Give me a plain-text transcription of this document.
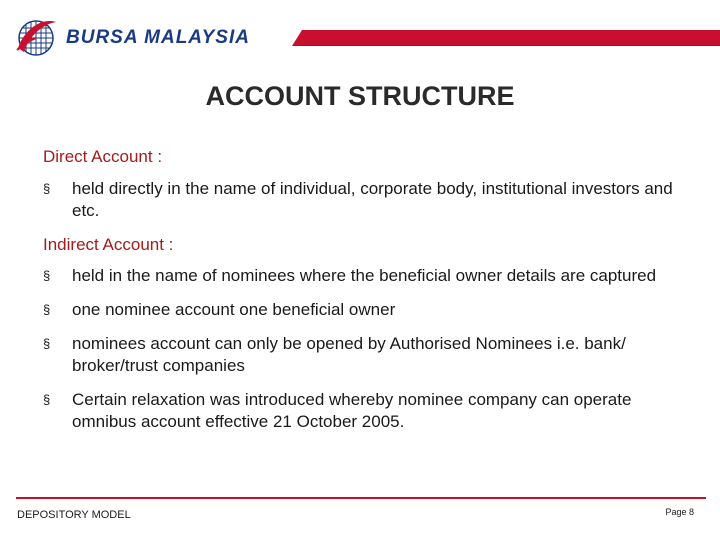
BURSA MALAYSIA
ACCOUNT STRUCTURE

Direct Account :

§ held directly in the name of individual, corporate body, institutional investors and etc.

Indirect Account :

§ held in the name of nominees where the beneficial owner details are captured
§ one nominee account one beneficial owner
§ nominees account can only be opened by Authorised Nominees i.e. bank/ broker/trust companies
§ Certain relaxation was introduced whereby nominee company can operate omnibus account effective 21 October 2005.
DEPOSITORY MODEL	Page 8
